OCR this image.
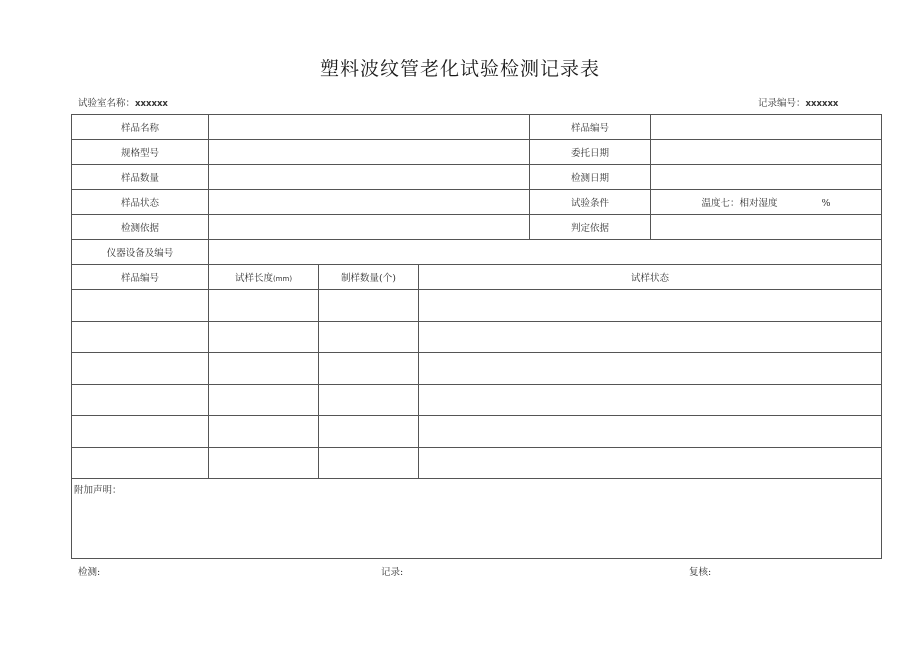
塑料波纹管老化试验检测记录表
试验室名称：xxxxxx	记录编号：xxxxxx
样品名称				样品编号	
规格型号				委托日期	
样品数量				检测日期	
样品状态				试验条件	温度七：相对湿度 %
检测依据				判定依据	
仪器设备及编号					
样品编号	试样长度(mm)	制样数量(个)	试样状态		

附加声明：					
检测:	记录:	复核:
